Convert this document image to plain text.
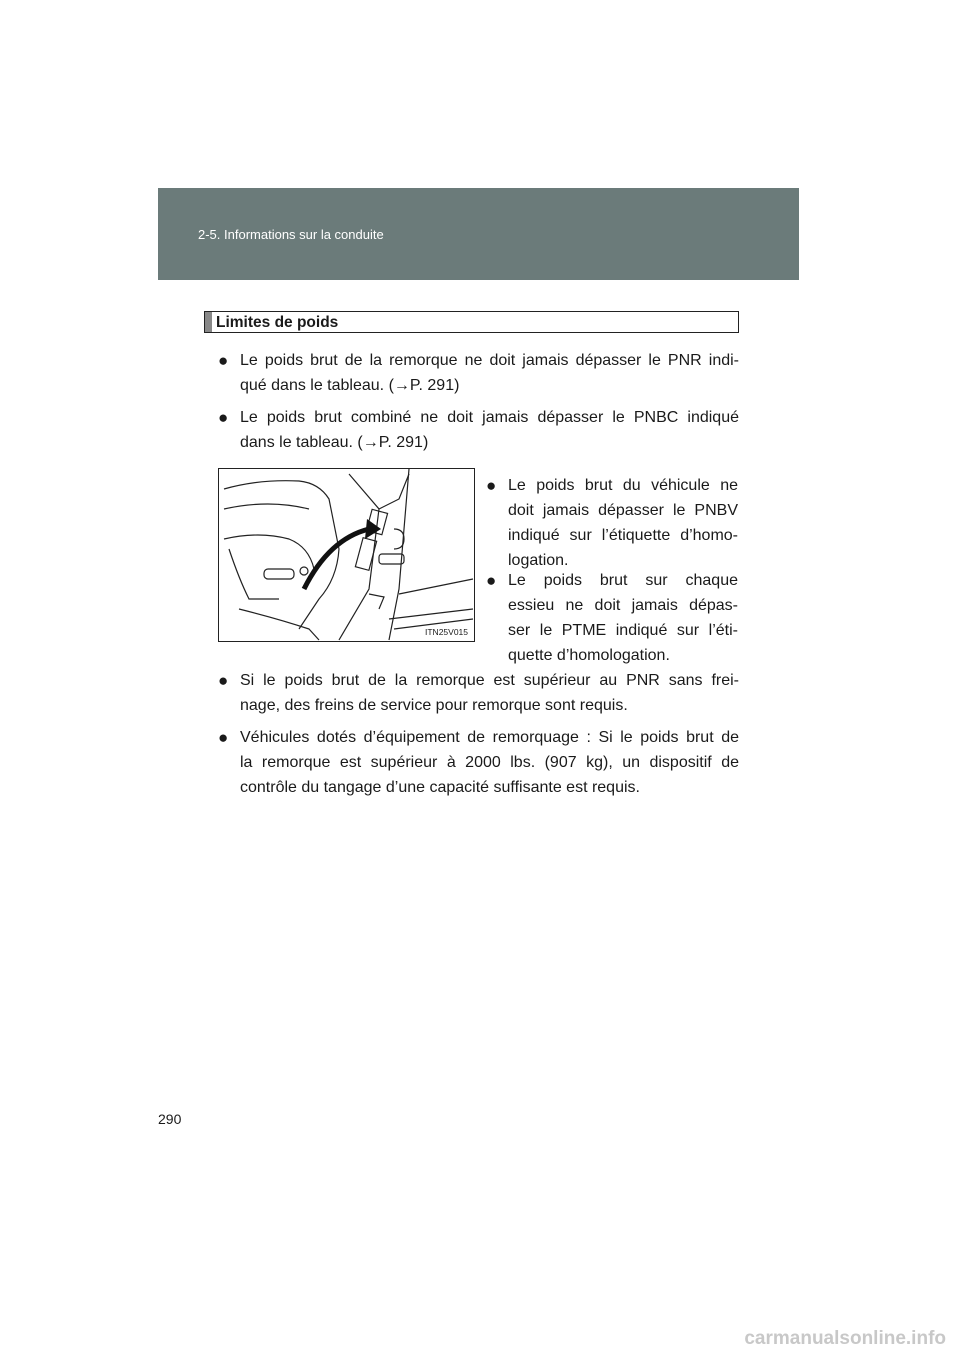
2-5. Informations sur la conduite
Limites de poids
● Le poids brut de la remorque ne doit jamais dépasser le PNR indi-
qué dans le tableau. (→P. 291)
● Le poids brut combiné ne doit jamais dépasser le PNBC indiqué
dans le tableau. (→P. 291)
ITN25V015
● Le poids brut du véhicule ne
doit jamais dépasser le PNBV
indiqué sur l’étiquette d’homo-
logation.
● Le poids brut sur chaque
essieu ne doit jamais dépas-
ser le PTME indiqué sur l’éti-
quette d’homologation.
● Si le poids brut de la remorque est supérieur au PNR sans frei-
nage, des freins de service pour remorque sont requis.
● Véhicules dotés d’équipement de remorquage : Si le poids brut de
la remorque est supérieur à 2000 lbs. (907 kg), un dispositif de
contrôle du tangage d’une capacité suffisante est requis.
290
carmanualsonline.info
